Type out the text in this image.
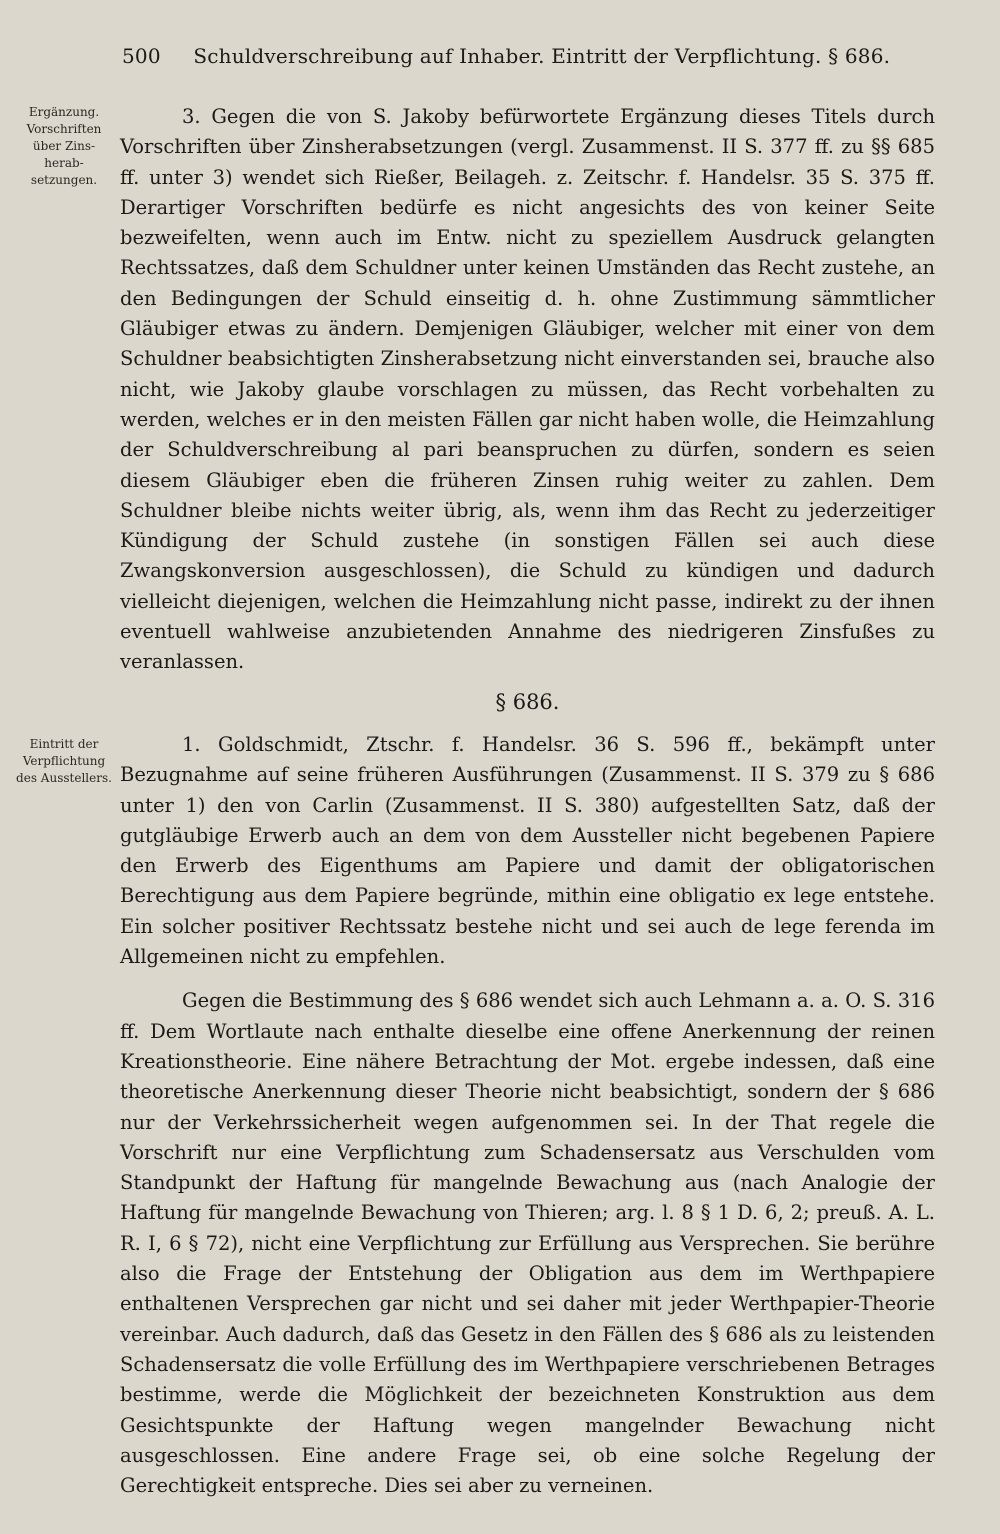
500 Schuldverschreibung auf Inhaber. Eintritt der Verpflichtung. § 686.
Ergänzung. Vorschriften über Zins-herab-setzungen.

3. Gegen die von S. Jakoby befürwortete Ergänzung dieses Titels durch Vorschriften über Zinsherabsetzungen (vergl. Zusammenst. II S. 377 ff. zu §§ 685 ff. unter 3) wendet sich Rießer, Beilageh. z. Zeitschr. f. Handelsr. 35 S. 375 ff. Derartiger Vorschriften bedürfe es nicht angesichts des von keiner Seite bezweifelten, wenn auch im Entw. nicht zu speziellem Ausdruck gelangten Rechtssatzes, daß dem Schuldner unter keinen Umständen das Recht zustehe, an den Bedingungen der Schuld einseitig d. h. ohne Zustimmung sämmtlicher Gläubiger etwas zu ändern. Demjenigen Gläubiger, welcher mit einer von dem Schuldner beabsichtigten Zinsherabsetzung nicht einverstanden sei, brauche also nicht, wie Jakoby glaube vorschlagen zu müssen, das Recht vorbehalten zu werden, welches er in den meisten Fällen gar nicht haben wolle, die Heimzahlung der Schuldverschreibung al pari beanspruchen zu dürfen, sondern es seien diesem Gläubiger eben die früheren Zinsen ruhig weiter zu zahlen. Dem Schuldner bleibe nichts weiter übrig, als, wenn ihm das Recht zu jederzeitiger Kündigung der Schuld zustehe (in sonstigen Fällen sei auch diese Zwangskonversion ausgeschlossen), die Schuld zu kündigen und dadurch vielleicht diejenigen, welchen die Heimzahlung nicht passe, indirekt zu der ihnen eventuell wahlweise anzubietenden Annahme des niedrigeren Zinsfußes zu veranlassen.

§ 686.
Eintritt der Verpflichtung des Ausstellers.

1. Goldschmidt, Ztschr. f. Handelsr. 36 S. 596 ff., bekämpft unter Bezugnahme auf seine früheren Ausführungen (Zusammenst. II S. 379 zu § 686 unter 1) den von Carlin (Zusammenst. II S. 380) aufgestellten Satz, daß der gutgläubige Erwerb auch an dem von dem Aussteller nicht begebenen Papiere den Erwerb des Eigenthums am Papiere und damit der obligatorischen Berechtigung aus dem Papiere begründe, mithin eine obligatio ex lege entstehe. Ein solcher positiver Rechtssatz bestehe nicht und sei auch de lege ferenda im Allgemeinen nicht zu empfehlen.

Gegen die Bestimmung des § 686 wendet sich auch Lehmann a. a. O. S. 316 ff. Dem Wortlaute nach enthalte dieselbe eine offene Anerkennung der reinen Kreationstheorie. Eine nähere Betrachtung der Mot. ergebe indessen, daß eine theoretische Anerkennung dieser Theorie nicht beabsichtigt, sondern der § 686 nur der Verkehrssicherheit wegen aufgenommen sei. In der That regele die Vorschrift nur eine Verpflichtung zum Schadensersatz aus Verschulden vom Standpunkt der Haftung für mangelnde Bewachung aus (nach Analogie der Haftung für mangelnde Bewachung von Thieren; arg. l. 8 § 1 D. 6, 2; preuß. A. L. R. I, 6 § 72), nicht eine Verpflichtung zur Erfüllung aus Versprechen. Sie berühre also die Frage der Entstehung der Obligation aus dem im Werthpapiere enthaltenen Versprechen gar nicht und sei daher mit jeder Werthpapier-Theorie vereinbar. Auch dadurch, daß das Gesetz in den Fällen des § 686 als zu leistenden Schadensersatz die volle Erfüllung des im Werthpapiere verschriebenen Betrages bestimme, werde die Möglichkeit der bezeichneten Konstruktion aus dem Gesichtspunkte der Haftung wegen mangelnder Bewachung nicht ausgeschlossen. Eine andere Frage sei, ob eine solche Regelung der Gerechtigkeit entspreche. Dies sei aber zu verneinen.
